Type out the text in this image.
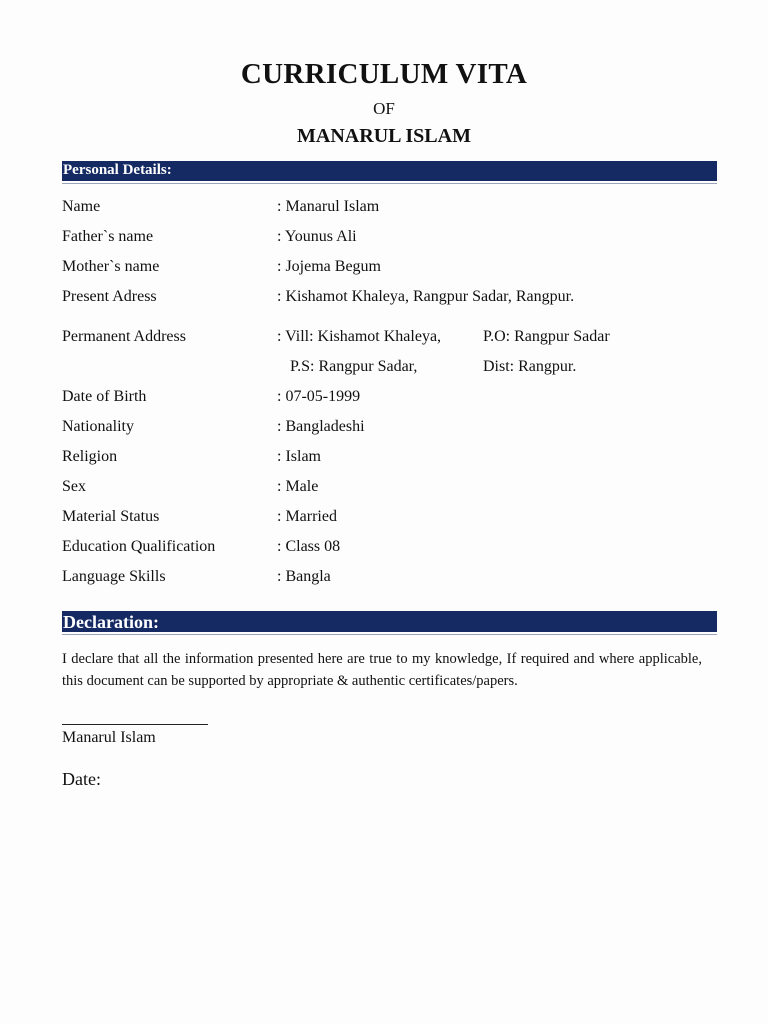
CURRICULUM VITA
OF
MANARUL ISLAM
Personal Details:
Name	: Manarul Islam
Father`s name	: Younus Ali
Mother`s name	: Jojema Begum
Present Adress	: Kishamot Khaleya, Rangpur Sadar, Rangpur.
Permanent Address	: Vill: Kishamot Khaleya,	P.O: Rangpur Sadar
P.S: Rangpur Sadar,	Dist: Rangpur.
Date of Birth	: 07-05-1999
Nationality	: Bangladeshi
Religion	: Islam
Sex	: Male
Material Status	: Married
Education Qualification	: Class 08
Language Skills	: Bangla
Declaration:
I declare that all the information presented here are true to my knowledge, If required and where applicable, this document can be supported by appropriate & authentic certificates/papers.
Manarul Islam
Date:
